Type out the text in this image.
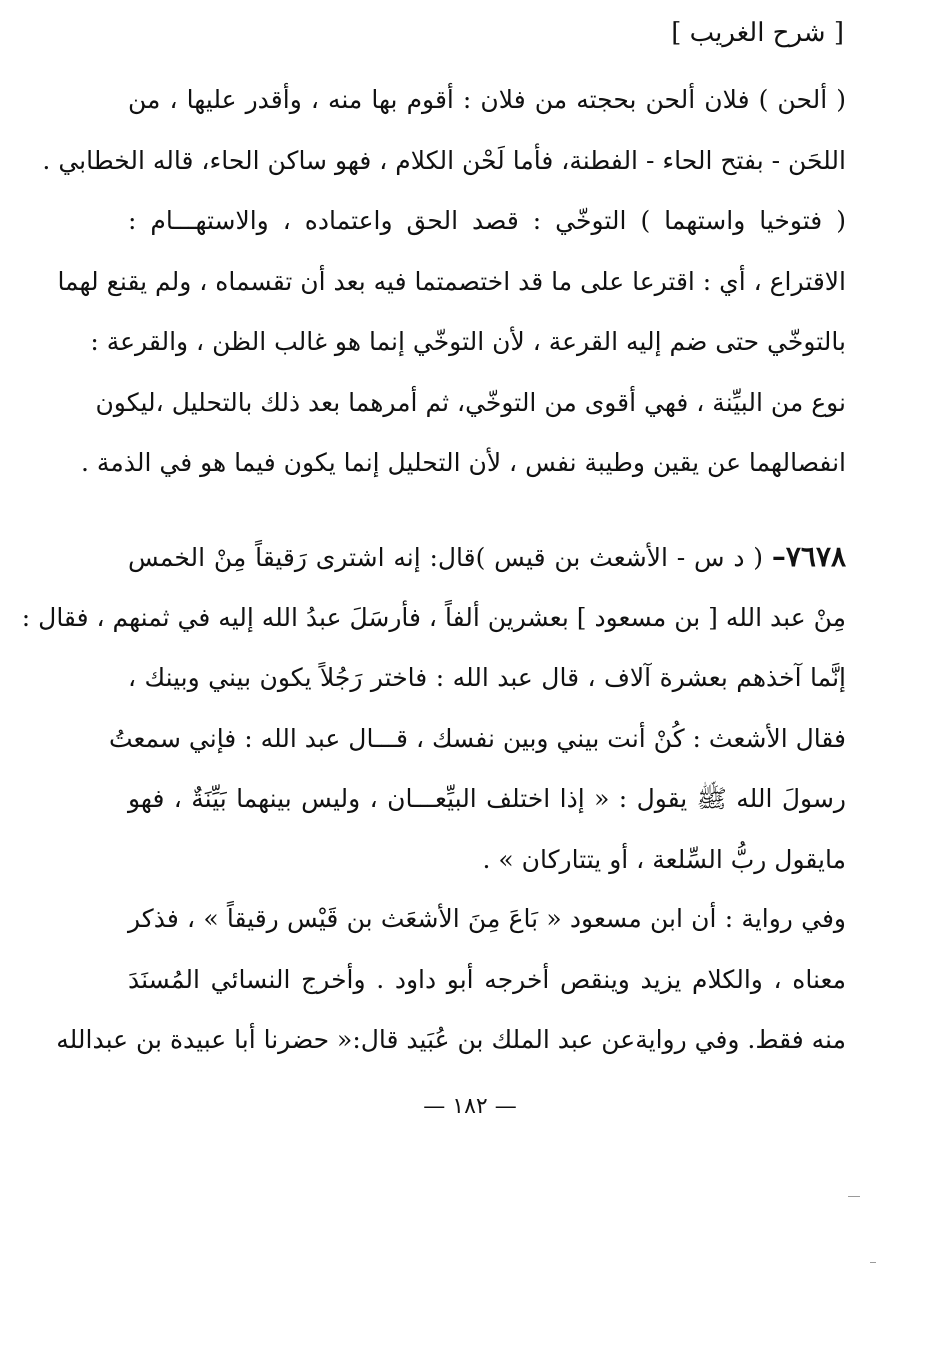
[ شرح الغريب ]
( ألحن ) فلان ألحن بحجته من فلان : أقوم بها منه ، وأقدر عليها ، من
اللحَن - بفتح الحاء - الفطنة، فأما لَحْن الكلام ، فهو ساكن الحاء، قاله الخطابي .
( فتوخيا واستهما ) التوخّي : قصد الحق واعتماده ، والاستهـــام :
الاقتراع ، أي : اقترعا على ما قد اختصمتما فيه بعد أن تقسماه ، ولم يقنع لهما
بالتوخّي حتى ضم إليه القرعة ، لأن التوخّي إنما هو غالب الظن ، والقرعة :
نوع من البيِّنة ، فهي أقوى من التوخّي، ثم أمرهما بعد ذلك بالتحليل ،ليكون
انفصالهما عن يقين وطيبة نفس ، لأن التحليل إنما يكون فيما هو في الذمة .
٧٦٧٨– ( د س - الأشعث بن قيس )قال: إنه اشترى رَقيقاً مِنْ الخمس
مِنْ عبد الله [ بن مسعود ] بعشرين ألفاً ، فأرسَلَ عبدُ الله إليه في ثمنهم ، فقال :
إنَّما آخذهم بعشرة آلاف ، قال عبد الله : فاختر رَجُلاً يكون بيني وبينك ،
فقال الأشعث : كُنْ أنت بيني وبين نفسك ، قـــال عبد الله : فإني سمعتُ
رسولَ الله ﷺ يقول : « إذا اختلف البيِّعـــان ، وليس بينهما بَيِّنَةٌ ، فهو
مايقول ربُّ السِّلعة ، أو يتتاركان » .
وفي رواية : أن ابن مسعود « بَاعَ مِنَ الأشعَث بن قَيْس رقيقاً » ، فذكر
معناه ، والكلام يزيد وينقص أخرجه أبو داود . وأخرج النسائي المُسنَدَ
منه فقط. وفي روايةعن عبد الملك بن عُبَيد قال:« حضرنا أبا عبيدة بن عبدالله
— ١٨٢ —
